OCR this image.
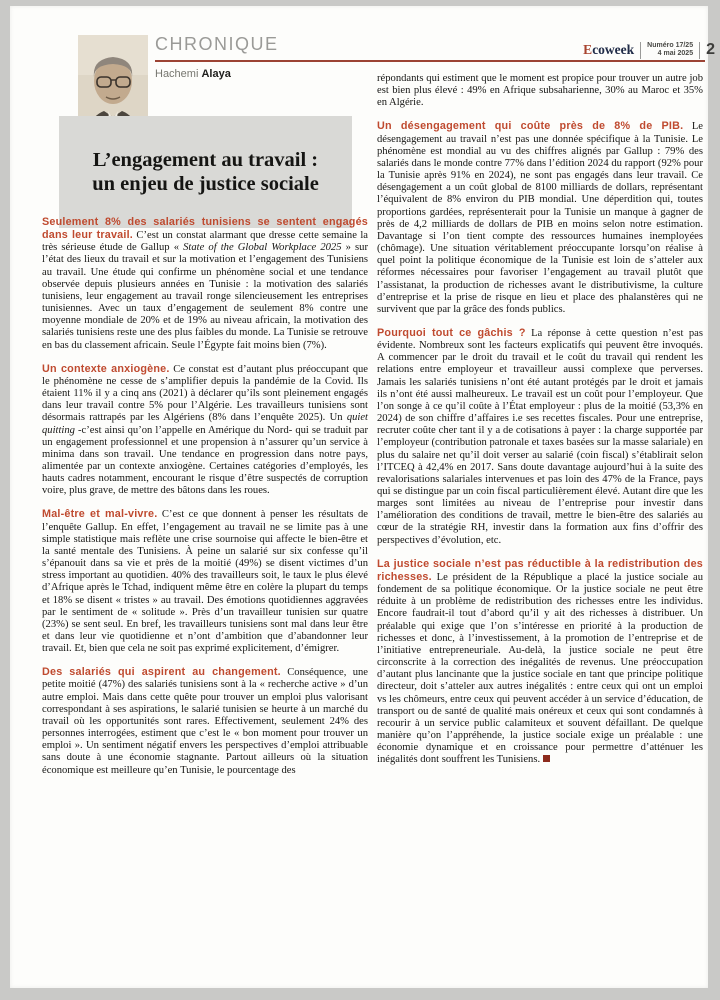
CHRONIQUE
Hachemi Alaya
Ecoweek Numéro 17/25
4 mai 2025 2
L’engagement au travail :
un enjeu de justice sociale

Seulement 8% des salariés tunisiens se sentent engagés dans leur travail. C’est un constat alarmant que dresse cette semaine la très sérieuse étude de Gallup « State of the Global Workplace 2025 » sur l’état des lieux du travail et sur la motivation et l’engagement des Tunisiens au travail. Une étude qui confirme un phénomène social et une tendance observée depuis plusieurs années en Tunisie : la motivation des salariés tunisiens, leur engagement au travail ronge silencieusement les entreprises tunisiennes. Avec un taux d’engagement de seulement 8% contre une moyenne mondiale de 20% et de 19% au niveau africain, la motivation des salariés tunisiens reste une des plus faibles du monde. La Tunisie se retrouve en bas du classement africain. Seule l’Égypte fait moins bien (7%).

Un contexte anxiogène. Ce constat est d’autant plus préoccupant que le phénomène ne cesse de s’amplifier depuis la pandémie de la Covid. Ils étaient 11% il y a cinq ans (2021) à déclarer qu’ils sont pleinement engagés dans leur travail contre 5% pour l’Algérie. Les travailleurs tunisiens sont désormais rattrapés par les Algériens (8% dans l’enquête 2025). Un quiet quitting -c’est ainsi qu’on l’appelle en Amérique du Nord- qui se traduit par un engagement professionnel et une propension à n’assurer qu’un service à minima dans son travail. Une tendance en progression dans notre pays, alimentée par un contexte anxiogène. Certaines catégories d’employés, les hauts cadres notamment, encourant le risque d’être suspectés de corruption voire, plus grave, de mettre des bâtons dans les roues.

Mal-être et mal-vivre. C’est ce que donnent à penser les résultats de l’enquête Gallup. En effet, l’engagement au travail ne se limite pas à une simple statistique mais reflète une crise sournoise qui affecte le bien-être et la santé mentale des Tunisiens. À peine un salarié sur six confesse qu’il s’épanouit dans sa vie et près de la moitié (49%) se disent victimes d’un stress important au quotidien. 40% des travailleurs soit, le taux le plus élevé d’Afrique après le Tchad, indiquent même être en colère la plupart du temps et 18% se disent « tristes » au travail. Des émotions quotidiennes aggravées par le sentiment de « solitude ». Près d’un travailleur tunisien sur quatre (23%) se sent seul. En bref, les travailleurs tunisiens sont mal dans leur être et dans leur vie quotidienne et n’ont d’ambition que d’abandonner leur travail. Et, bien que cela ne soit pas exprimé explicitement, d’émigrer.

Des salariés qui aspirent au changement. Conséquence, une petite moitié (47%) des salariés tunisiens sont à la « recherche active » d’un autre emploi. Mais dans cette quête pour trouver un emploi plus valorisant correspondant à ses aspirations, le salarié tunisien se heurte à un marché du travail où les opportunités sont rares. Effectivement, seulement 24% des personnes interrogées, estiment que c’est le « bon moment pour trouver un emploi ». Un sentiment négatif envers les perspectives d’emploi attribuable sans doute à une économie stagnante. Partout ailleurs où la situation économique est meilleure qu’en Tunisie, le pourcentage des

répondants qui estiment que le moment est propice pour trouver un autre job est bien plus élevé : 49% en Afrique subsaharienne, 30% au Maroc et 35% en Algérie.

Un désengagement qui coûte près de 8% de PIB. Le désengagement au travail n’est pas une donnée spécifique à la Tunisie. Le phénomène est mondial au vu des chiffres alignés par Gallup : 79% des salariés dans le monde contre 77% dans l’édition 2024 du rapport (92% pour la Tunisie après 91% en 2024), ne sont pas engagés dans leur travail. Ce désengagement a un coût global de 8100 milliards de dollars, représentant l’équivalent de 8% environ du PIB mondial. Une déperdition qui, toutes proportions gardées, représenterait pour la Tunisie un manque à gagner de près de 4,2 milliards de dollars de PIB en moins selon notre estimation. Davantage si l’on tient compte des ressources humaines inemployées (chômage). Une situation véritablement préoccupante lorsqu’on réalise à quel point la politique économique de la Tunisie est loin de s’atteler aux réformes nécessaires pour favoriser l’engagement au travail plutôt que l’assistanat, la production de richesses avant le distributivisme, la culture d’entreprise et la prise de risque en lieu et place des phalanstères qui ne survivent que par la grâce des fonds publics.

Pourquoi tout ce gâchis ? La réponse à cette question n’est pas évidente. Nombreux sont les facteurs explicatifs qui peuvent être invoqués. A commencer par le droit du travail et le coût du travail qui rendent les relations entre employeur et travailleur aussi complexe que perverses. Jamais les salariés tunisiens n’ont été autant protégés par le droit et jamais ils n’ont été aussi malheureux. Le travail est un coût pour l’employeur. Que l’on songe à ce qu’il coûte à l’État employeur : plus de la moitié (53,3% en 2024) de son chiffre d’affaires i.e ses recettes fiscales. Pour une entreprise, recruter coûte cher tant il y a de cotisations à payer : la charge supportée par l’employeur (contribution patronale et taxes basées sur la masse salariale) en plus du salaire net qu’il doit verser au salarié (coin fiscal) s’établirait selon l’ITCEQ à 42,4% en 2017. Sans doute davantage aujourd’hui à la suite des revalorisations salariales intervenues et pas loin des 47% de la France, pays qui se distingue par un coin fiscal particulièrement élevé. Autant dire que les marges sont limitées au niveau de l’entreprise pour investir dans l’amélioration des conditions de travail, mettre le bien-être des salariés au cœur de la stratégie RH, investir dans la formation aux fins d’offrir des perspectives d’évolution, etc.

La justice sociale n’est pas réductible à la redistribution des richesses. Le président de la République a placé la justice sociale au fondement de sa politique économique. Or la justice sociale ne peut être réduite à un problème de redistribution des richesses entre les individus. Encore faudrait-il tout d’abord qu’il y ait des richesses à distribuer. Un préalable qui exige que l’on s’intéresse en priorité à la production de richesses et donc, à l’investissement, à la promotion de l’entreprise et de l’initiative entrepreneuriale. Au-delà, la justice sociale ne peut être circonscrite à la correction des inégalités de revenus. Une préoccupation d’autant plus lancinante que la justice sociale en tant que principe politique directeur, doit s’atteler aux autres inégalités : entre ceux qui ont un emploi vs les chômeurs, entre ceux qui peuvent accéder à un service d’éducation, de transport ou de santé de qualité mais onéreux et ceux qui sont condamnés à recourir à un service public calamiteux et souvent défaillant. De quelque manière qu’on l’appréhende, la justice sociale exige un préalable : une économie dynamique et en croissance pour permettre d’atténuer les inégalités dont souffrent les Tunisiens.
